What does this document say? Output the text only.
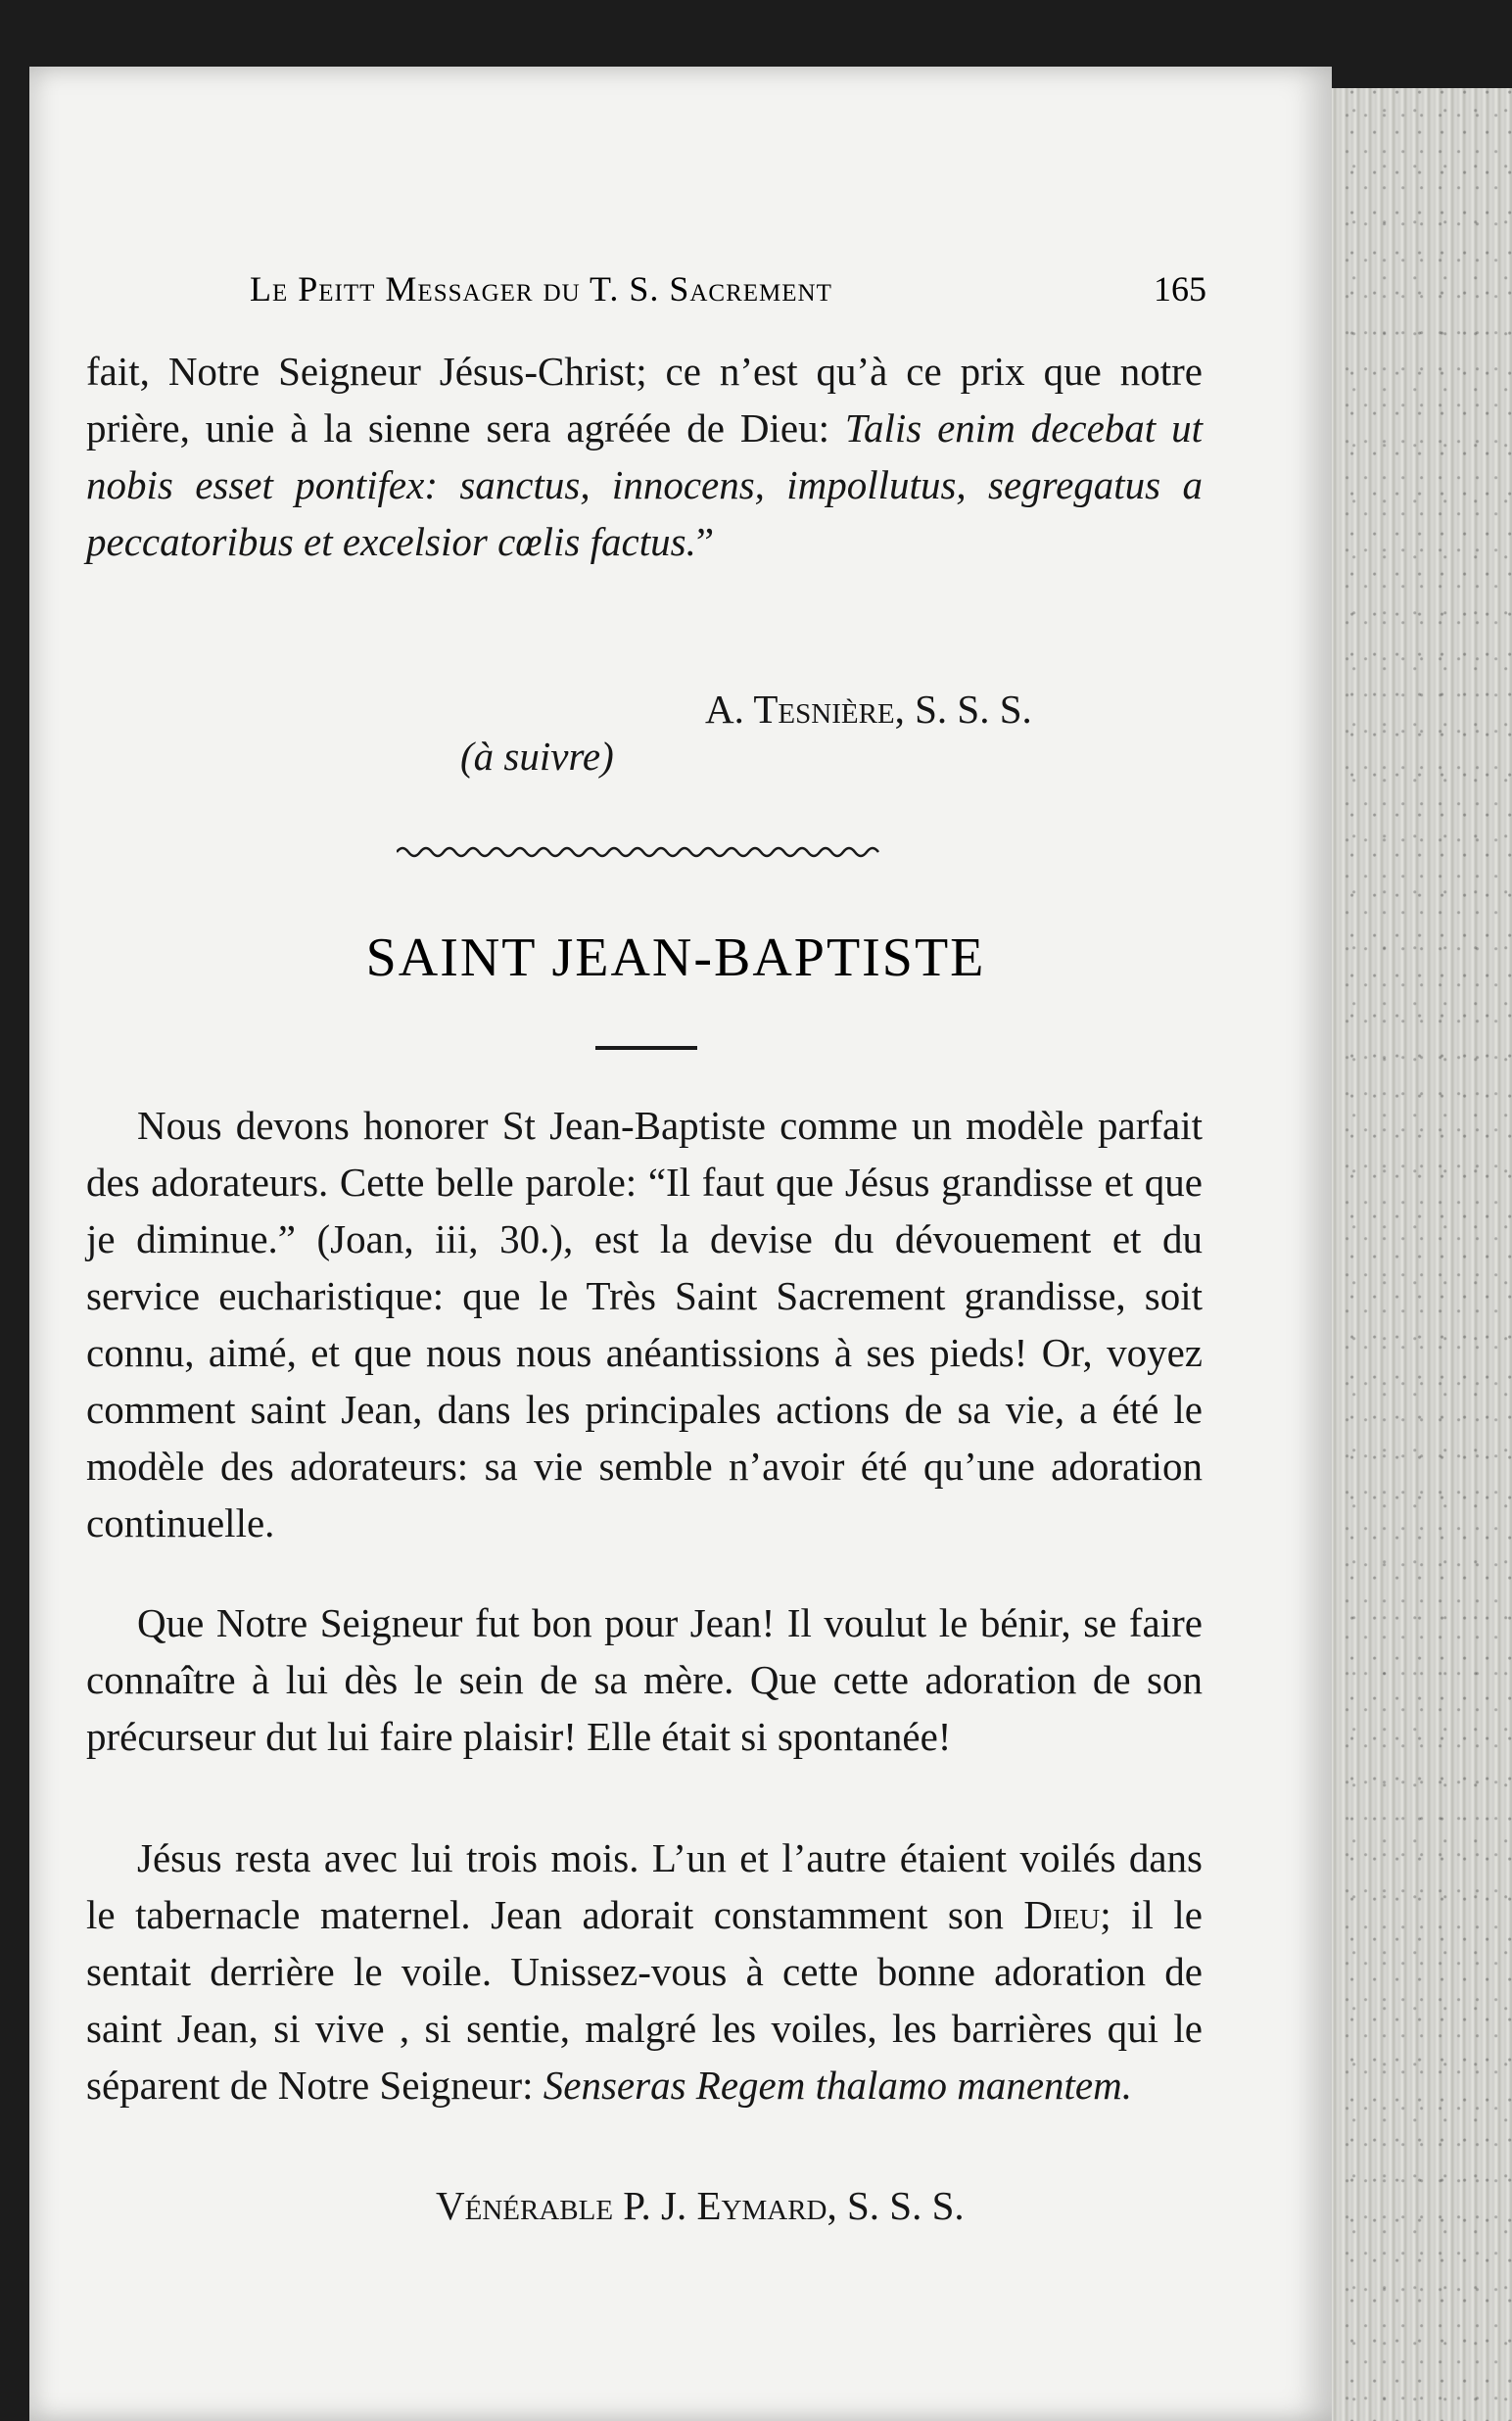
Le Peitt Messager du T. S. Sacrement	165
fait, Notre Seigneur Jésus-Christ; ce n’est qu’à ce prix que notre prière, unie à la sienne sera agréée de Dieu: Talis enim decebat ut nobis esset pontifex: sanctus, innocens, impollutus, segregatus a peccatoribus et excelsior cœlis factus.”
A. Tesnière, S. S. S.
(à suivre)
SAINT JEAN-BAPTISTE
Nous devons honorer St Jean-Baptiste comme un modèle parfait des adorateurs. Cette belle parole: “Il faut que Jésus grandisse et que je diminue.” (Joan, iii, 30.), est la devise du dévouement et du service eucharistique: que le Très Saint Sacrement grandisse, soit connu, aimé, et que nous nous anéantissions à ses pieds! Or, voyez comment saint Jean, dans les principales actions de sa vie, a été le modèle des adorateurs: sa vie semble n’avoir été qu’une adoration continuelle.
Que Notre Seigneur fut bon pour Jean! Il voulut le bénir, se faire connaître à lui dès le sein de sa mère. Que cette adoration de son précurseur dut lui faire plaisir! Elle était si spontanée!
Jésus resta avec lui trois mois. L’un et l’autre étaient voilés dans le tabernacle maternel. Jean adorait constamment son Dieu; il le sentait derrière le voile. Unissez-vous à cette bonne adoration de saint Jean, si vive , si sentie, malgré les voiles, les barrières qui le séparent de Notre Seigneur: Senseras Regem thalamo manentem.
Vénérable P. J. Eymard, S. S. S.
